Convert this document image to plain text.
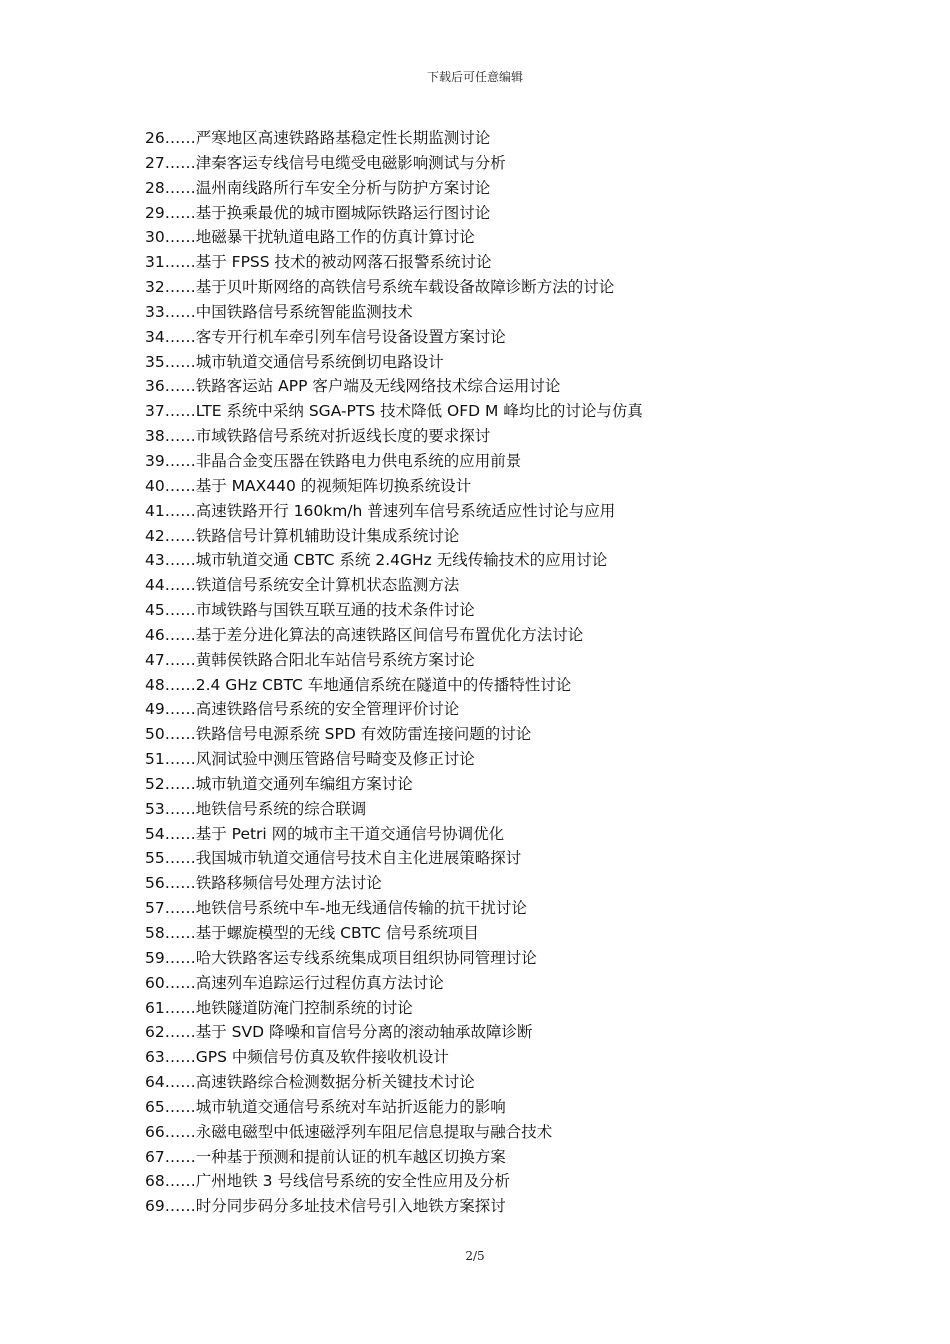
下载后可任意编辑
26……严寒地区高速铁路路基稳定性长期监测讨论
27……津秦客运专线信号电缆受电磁影响测试与分析
28……温州南线路所行车安全分析与防护方案讨论
29……基于换乘最优的城市圈城际铁路运行图讨论
30……地磁暴干扰轨道电路工作的仿真计算讨论
31……基于 FPSS 技术的被动网落石报警系统讨论
32……基于贝叶斯网络的高铁信号系统车载设备故障诊断方法的讨论
33……中国铁路信号系统智能监测技术
34……客专开行机车牵引列车信号设备设置方案讨论
35……城市轨道交通信号系统倒切电路设计
36……铁路客运站 APP 客户端及无线网络技术综合运用讨论
37……LTE 系统中采纳 SGA-PTS 技术降低 OFD M 峰均比的讨论与仿真
38……市域铁路信号系统对折返线长度的要求探讨
39……非晶合金变压器在铁路电力供电系统的应用前景
40……基于 MAX440 的视频矩阵切换系统设计
41……高速铁路开行 160km/h 普速列车信号系统适应性讨论与应用
42……铁路信号计算机辅助设计集成系统讨论
43……城市轨道交通 CBTC 系统 2.4GHz 无线传输技术的应用讨论
44……铁道信号系统安全计算机状态监测方法
45……市域铁路与国铁互联互通的技术条件讨论
46……基于差分进化算法的高速铁路区间信号布置优化方法讨论
47……黄韩侯铁路合阳北车站信号系统方案讨论
48……2.4 GHz CBTC 车地通信系统在隧道中的传播特性讨论
49……高速铁路信号系统的安全管理评价讨论
50……铁路信号电源系统 SPD 有效防雷连接问题的讨论
51……风洞试验中测压管路信号畸变及修正讨论
52……城市轨道交通列车编组方案讨论
53……地铁信号系统的综合联调
54……基于 Petri 网的城市主干道交通信号协调优化
55……我国城市轨道交通信号技术自主化进展策略探讨
56……铁路移频信号处理方法讨论
57……地铁信号系统中车-地无线通信传输的抗干扰讨论
58……基于螺旋模型的无线 CBTC 信号系统项目
59……哈大铁路客运专线系统集成项目组织协同管理讨论
60……高速列车追踪运行过程仿真方法讨论
61……地铁隧道防淹门控制系统的讨论
62……基于 SVD 降噪和盲信号分离的滚动轴承故障诊断
63……GPS 中频信号仿真及软件接收机设计
64……高速铁路综合检测数据分析关键技术讨论
65……城市轨道交通信号系统对车站折返能力的影响
66……永磁电磁型中低速磁浮列车阻尼信息提取与融合技术
67……一种基于预测和提前认证的机车越区切换方案
68……广州地铁 3 号线信号系统的安全性应用及分析
69……时分同步码分多址技术信号引入地铁方案探讨
2/5
